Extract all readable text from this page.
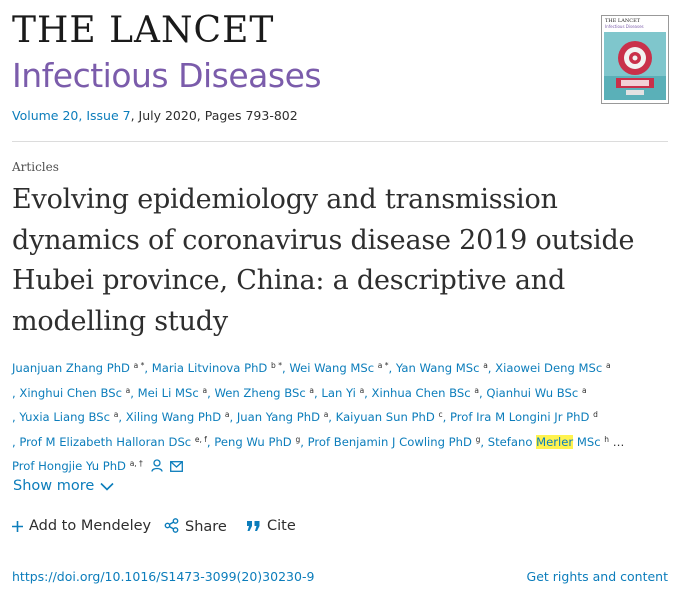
THE LANCET
Infectious Diseases
Volume 20, Issue 7, July 2020, Pages 793-802
THE LANCET
Infectious Diseases
Articles
Evolving epidemiology and transmission
dynamics of coronavirus disease 2019 outside
Hubei province, China: a descriptive and
modelling study
Juanjuan Zhang PhD $^{a *}$, Maria Litvinova PhD $^{b *}$, Wei Wang MSc $^{a *}$, Yan Wang MSc $^a$, Xiaowei Deng MSc $^a$
, Xinghui Chen BSc $^a$, Mei Li MSc $^a$, Wen Zheng BSc $^a$, Lan Yi $^a$, Xinhua Chen BSc $^a$, Qianhui Wu BSc $^a$
, Yuxia Liang BSc $^a$, Xiling Wang PhD $^a$, Juan Yang PhD $^a$, Kaiyuan Sun PhD $^c$, Prof Ira M Longini Jr PhD $^d$
, Prof M Elizabeth Halloran DSc $^{e, f}$, Peng Wu PhD $^g$, Prof Benjamin J Cowling PhD $^g$, Stefano Merler MSc $^h$ …
Prof Hongjie Yu PhD $^{a, \dagger}$
Show more
Add to Mendeley	Share	Cite
https://doi.org/10.1016/S1473-3099(20)30230-9	Get rights and content
